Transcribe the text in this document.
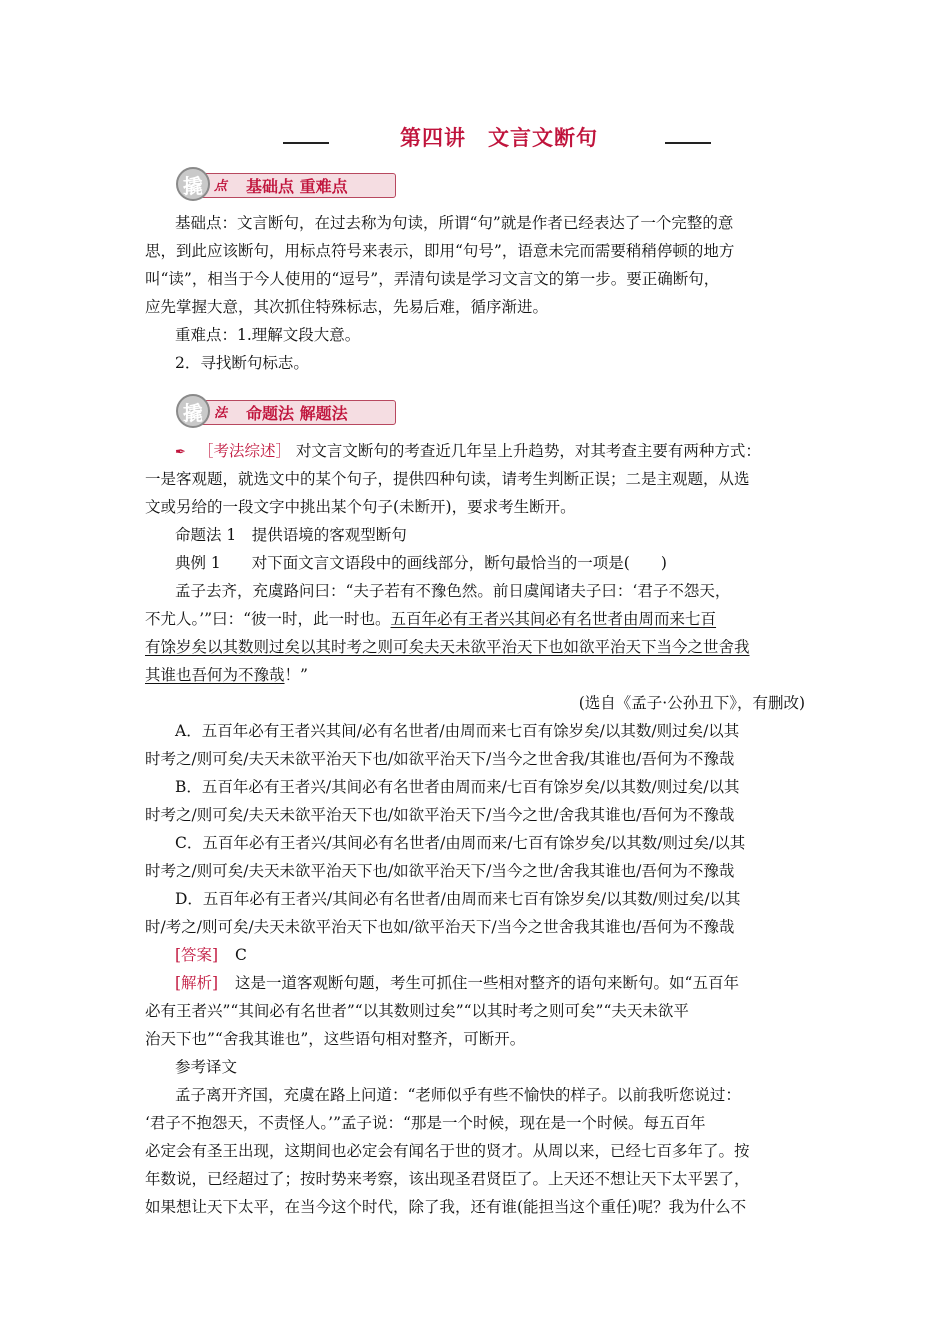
第四讲　文言文断句
撬 点 基础点 重难点
基础点：文言断句，在过去称为句读，所谓“句”就是作者已经表达了一个完整的意
思，到此应该断句，用标点符号来表示，即用“句号”，语意未完而需要稍稍停顿的地方
叫“读”，相当于今人使用的“逗号”，弄清句读是学习文言文的第一步。要正确断句，
应先掌握大意，其次抓住特殊标志，先易后难，循序渐进。
重难点：1.理解文段大意。
2．寻找断句标志。
撬 法 命题法 解题法
✒ ［考法综述］ 对文言文断句的考查近几年呈上升趋势，对其考查主要有两种方式：
一是客观题，就选文中的某个句子，提供四种句读，请考生判断正误；二是主观题，从选
文或另给的一段文字中挑出某个句子(未断开)，要求考生断开。
命题法 1　提供语境的客观型断句
典例 1　　对下面文言文语段中的画线部分，断句最恰当的一项是(　　)
孟子去齐，充虞路问曰：“夫子若有不豫色然。前日虞闻诸夫子曰：‘君子不怨天，
不尤人。’”曰：“彼一时，此一时也。五百年必有王者兴其间必有名世者由周而来七百
有馀岁矣以其数则过矣以其时考之则可矣夫天未欲平治天下也如欲平治天下当今之世舍我
其谁也吾何为不豫哉！”
(选自《孟子·公孙丑下》，有删改)
A．五百年必有王者兴其间/必有名世者/由周而来七百有馀岁矣/以其数/则过矣/以其
时考之/则可矣/夫天未欲平治天下也/如欲平治天下/当今之世舍我/其谁也/吾何为不豫哉
B．五百年必有王者兴/其间必有名世者由周而来/七百有馀岁矣/以其数/则过矣/以其
时考之/则可矣/夫天未欲平治天下也/如欲平治天下/当今之世/舍我其谁也/吾何为不豫哉
C．五百年必有王者兴/其间必有名世者/由周而来/七百有馀岁矣/以其数/则过矣/以其
时考之/则可矣/夫天未欲平治天下也/如欲平治天下/当今之世/舍我其谁也/吾何为不豫哉
D．五百年必有王者兴/其间必有名世者/由周而来七百有馀岁矣/以其数/则过矣/以其
时/考之/则可矣/夫天未欲平治天下也如/欲平治天下/当今之世舍我其谁也/吾何为不豫哉
[答案] C
[解析] 这是一道客观断句题，考生可抓住一些相对整齐的语句来断句。如“五百年
必有王者兴”“其间必有名世者”“以其数则过矣”“以其时考之则可矣”“夫天未欲平
治天下也”“舍我其谁也”，这些语句相对整齐，可断开。
参考译文
孟子离开齐国，充虞在路上问道：“老师似乎有些不愉快的样子。以前我听您说过：
‘君子不抱怨天，不责怪人。’”孟子说：“那是一个时候，现在是一个时候。每五百年
必定会有圣王出现，这期间也必定会有闻名于世的贤才。从周以来，已经七百多年了。按
年数说，已经超过了；按时势来考察，该出现圣君贤臣了。上天还不想让天下太平罢了，
如果想让天下太平，在当今这个时代，除了我，还有谁(能担当这个重任)呢？我为什么不
